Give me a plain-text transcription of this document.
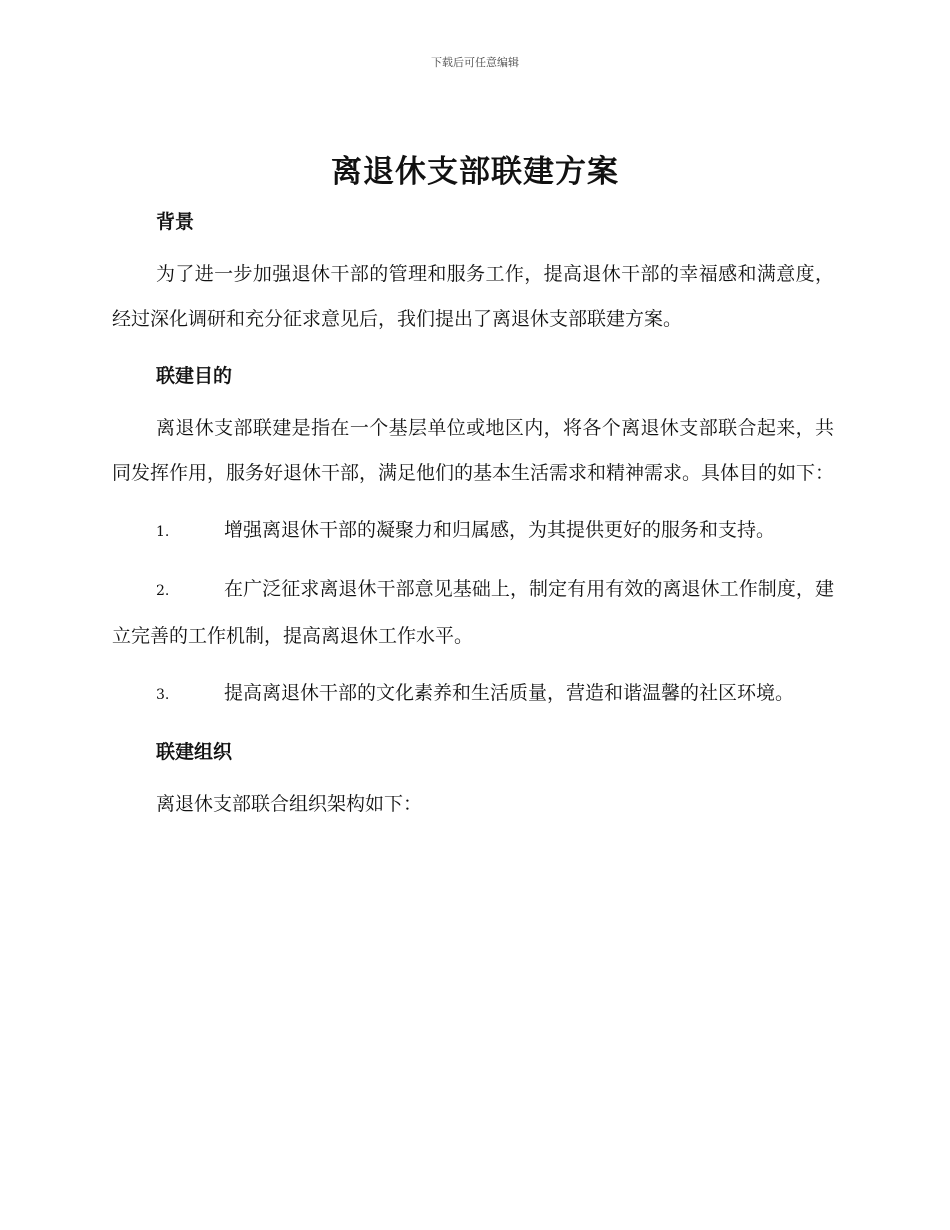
下载后可任意编辑
离退休支部联建方案
背景

为了进一步加强退休干部的管理和服务工作，提高退休干部的幸福感和满意度，经过深化调研和充分征求意见后，我们提出了离退休支部联建方案。

联建目的

离退休支部联建是指在一个基层单位或地区内，将各个离退休支部联合起来，共同发挥作用，服务好退休干部，满足他们的基本生活需求和精神需求。具体目的如下：

1.	增强离退休干部的凝聚力和归属感，为其提供更好的服务和支持。

2.	在广泛征求离退休干部意见基础上，制定有用有效的离退休工作制度，建立完善的工作机制，提高离退休工作水平。

3.	提高离退休干部的文化素养和生活质量，营造和谐温馨的社区环境。

联建组织

离退休支部联合组织架构如下：
